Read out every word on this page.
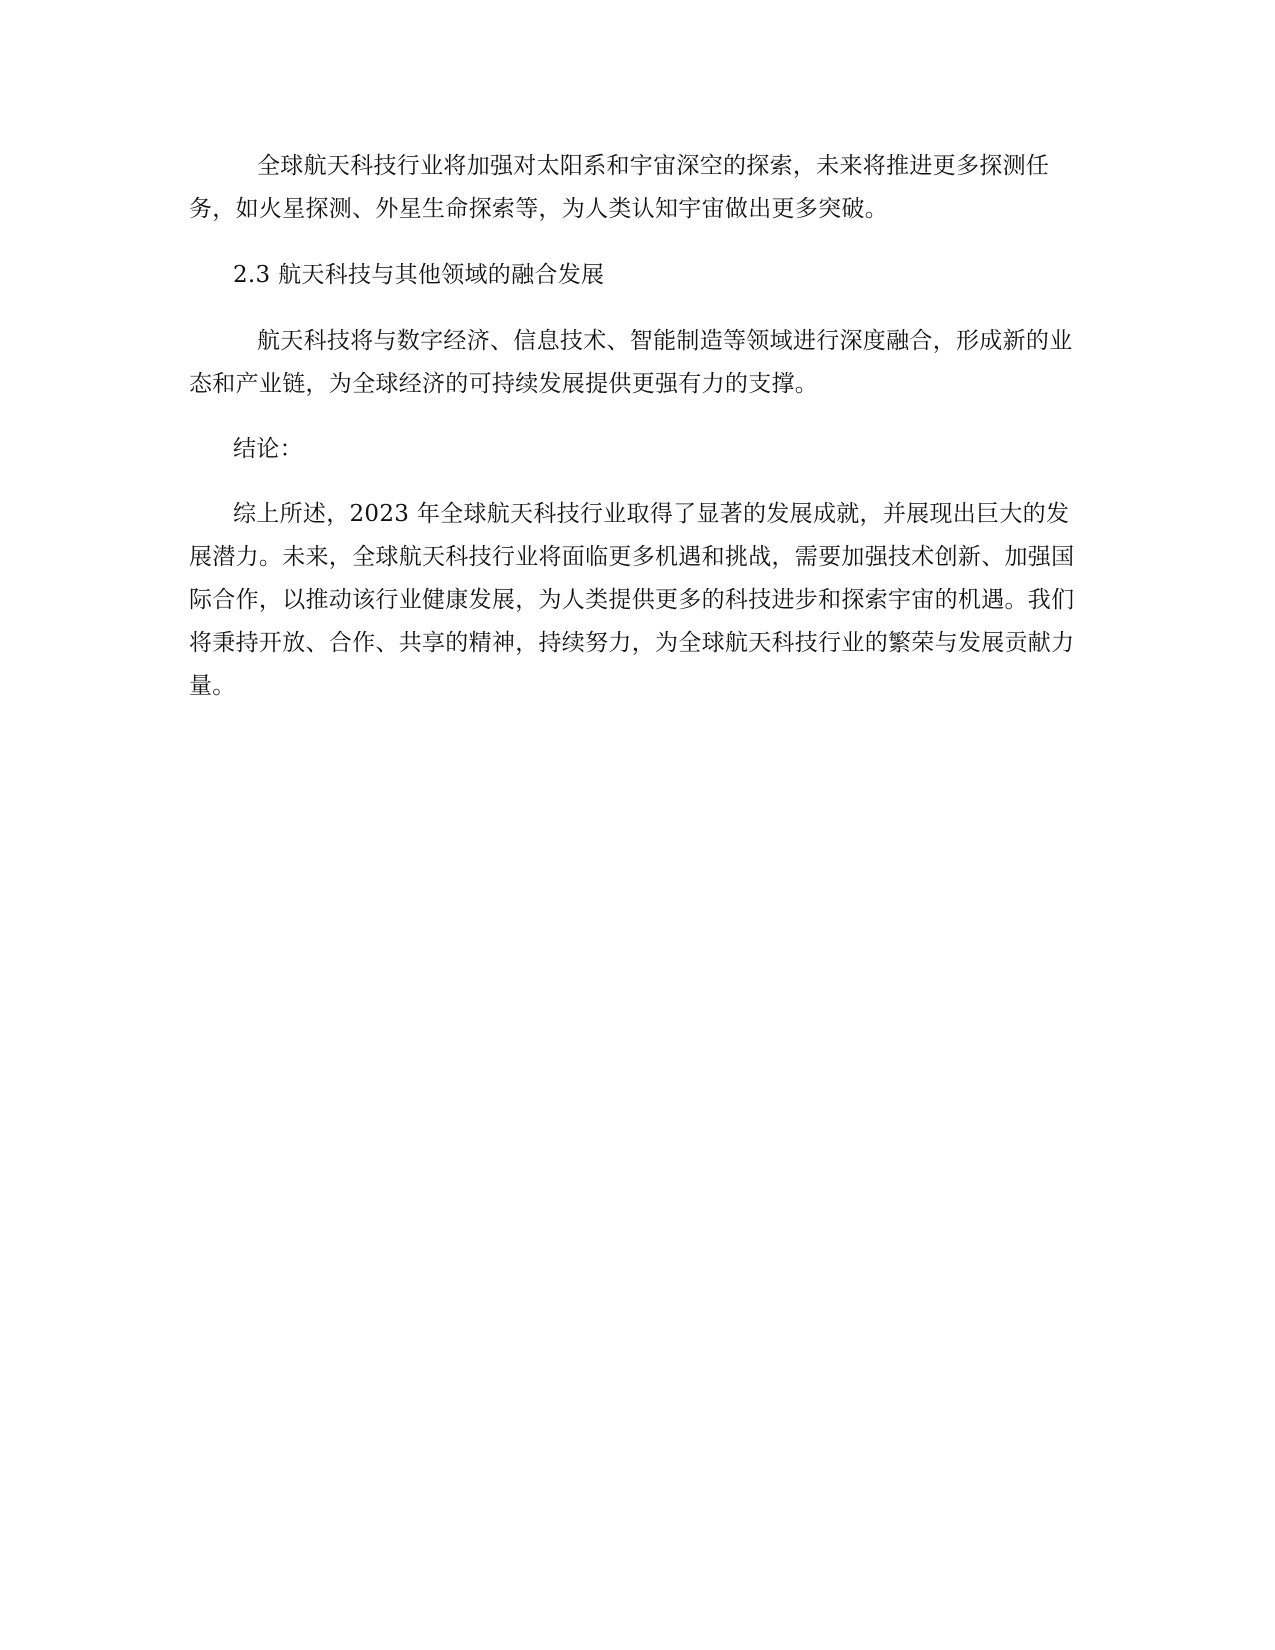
全球航天科技行业将加强对太阳系和宇宙深空的探索，未来将推进更多探测任务，如火星探测、外星生命探索等，为人类认知宇宙做出更多突破。

2.3 航天科技与其他领域的融合发展

航天科技将与数字经济、信息技术、智能制造等领域进行深度融合，形成新的业态和产业链，为全球经济的可持续发展提供更强有力的支撑。

结论：

综上所述，2023 年全球航天科技行业取得了显著的发展成就，并展现出巨大的发展潜力。未来，全球航天科技行业将面临更多机遇和挑战，需要加强技术创新、加强国际合作，以推动该行业健康发展，为人类提供更多的科技进步和探索宇宙的机遇。我们将秉持开放、合作、共享的精神，持续努力，为全球航天科技行业的繁荣与发展贡献力量。
